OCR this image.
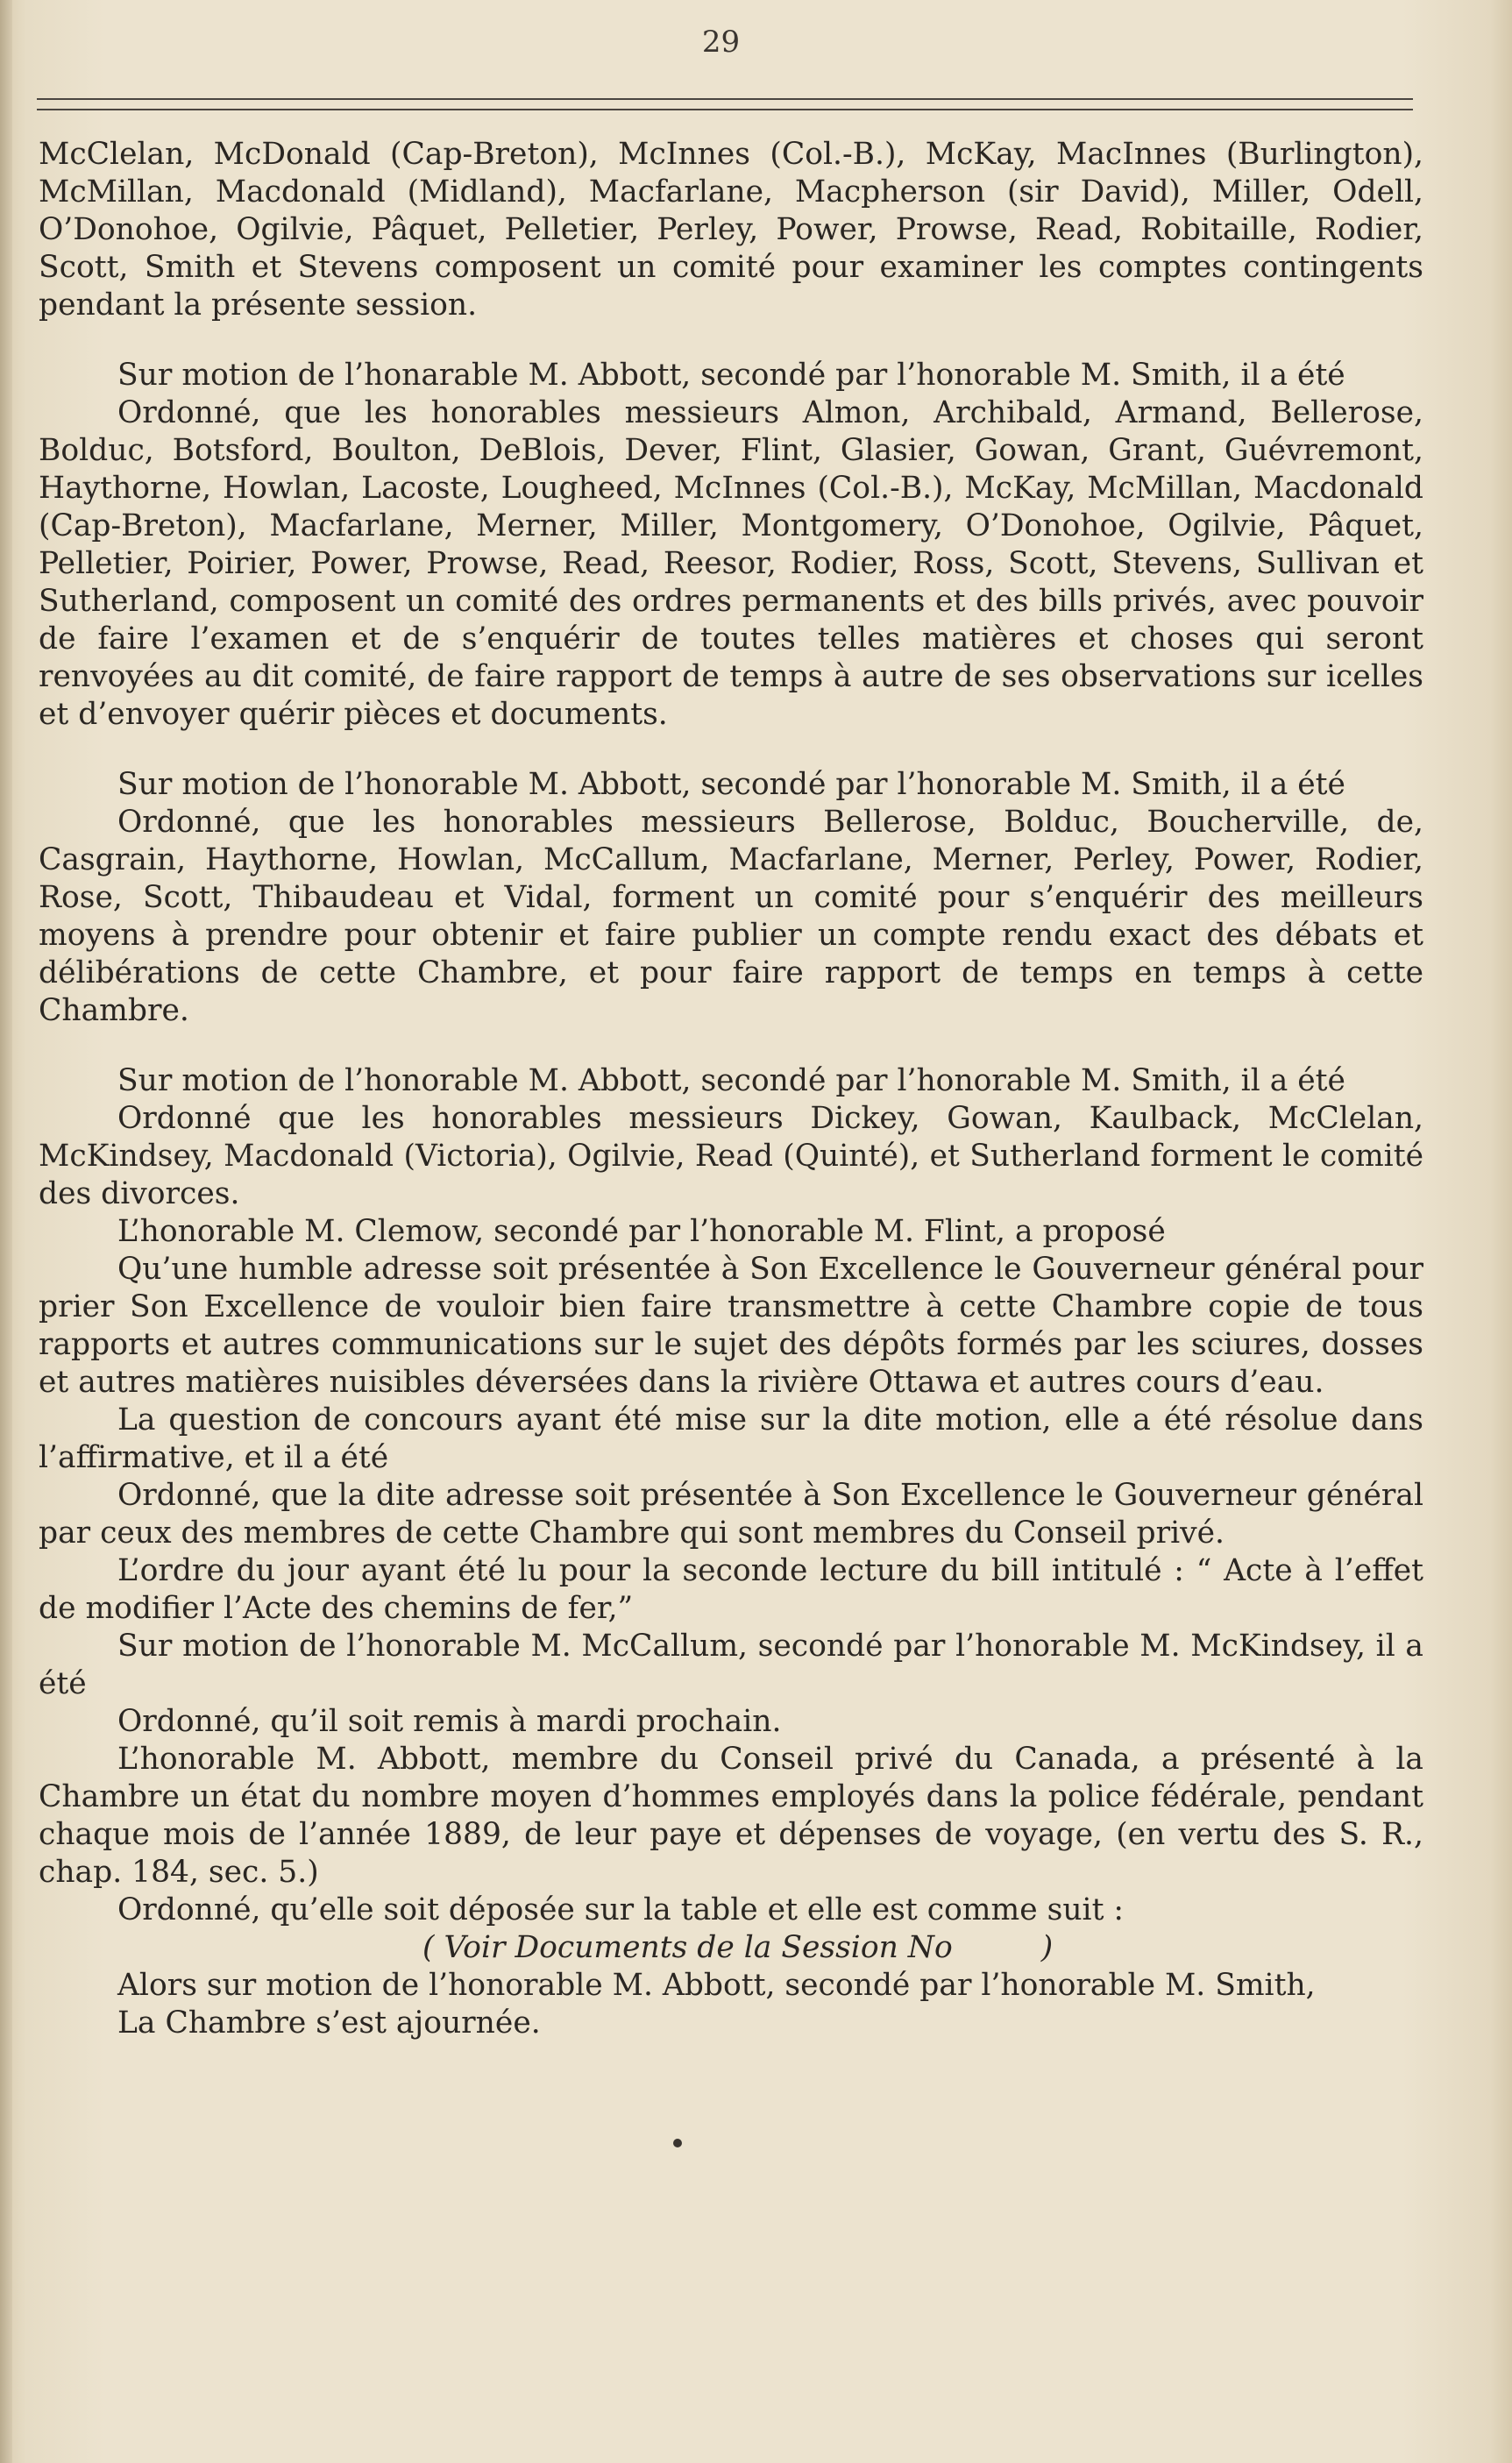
29

McClelan, McDonald (Cap-Breton), McInnes (Col.-B.), McKay, MacInnes (Burlington), McMillan, Macdonald (Midland), Macfarlane, Macpherson (sir David), Miller, Odell, O’Donohoe, Ogilvie, Pâquet, Pelletier, Perley, Power, Prowse, Read, Robitaille, Rodier, Scott, Smith et Stevens composent un comité pour examiner les comptes contingents pendant la présente session.

Sur motion de l’honarable M. Abbott, secondé par l’honorable M. Smith, il a été

Ordonné, que les honorables messieurs Almon, Archibald, Armand, Bellerose, Bolduc, Botsford, Boulton, DeBlois, Dever, Flint, Glasier, Gowan, Grant, Guévremont, Haythorne, Howlan, Lacoste, Lougheed, McInnes (Col.-B.), McKay, McMillan, Macdonald (Cap-Breton), Macfarlane, Merner, Miller, Montgomery, O’Donohoe, Ogilvie, Pâquet, Pelletier, Poirier, Power, Prowse, Read, Reesor, Rodier, Ross, Scott, Stevens, Sullivan et Sutherland, composent un comité des ordres permanents et des bills privés, avec pouvoir de faire l’examen et de s’enquérir de toutes telles matières et choses qui seront renvoyées au dit comité, de faire rapport de temps à autre de ses observations sur icelles et d’envoyer quérir pièces et documents.

Sur motion de l’honorable M. Abbott, secondé par l’honorable M. Smith, il a été

Ordonné, que les honorables messieurs Bellerose, Bolduc, Boucherville, de, Casgrain, Haythorne, Howlan, McCallum, Macfarlane, Merner, Perley, Power, Rodier, Rose, Scott, Thibaudeau et Vidal, forment un comité pour s’enquérir des meilleurs moyens à prendre pour obtenir et faire publier un compte rendu exact des débats et délibérations de cette Chambre, et pour faire rapport de temps en temps à cette Chambre.

Sur motion de l’honorable M. Abbott, secondé par l’honorable M. Smith, il a été

Ordonné que les honorables messieurs Dickey, Gowan, Kaulback, McClelan, McKindsey, Macdonald (Victoria), Ogilvie, Read (Quinté), et Sutherland forment le comité des divorces.

L’honorable M. Clemow, secondé par l’honorable M. Flint, a proposé

Qu’une humble adresse soit présentée à Son Excellence le Gouverneur général pour prier Son Excellence de vouloir bien faire transmettre à cette Chambre copie de tous rapports et autres communications sur le sujet des dépôts formés par les sciures, dosses et autres matières nuisibles déversées dans la rivière Ottawa et autres cours d’eau.

La question de concours ayant été mise sur la dite motion, elle a été résolue dans l’affirmative, et il a été

Ordonné, que la dite adresse soit présentée à Son Excellence le Gouverneur général par ceux des membres de cette Chambre qui sont membres du Conseil privé.

L’ordre du jour ayant été lu pour la seconde lecture du bill intitulé : “ Acte à l’effet de modifier l’Acte des chemins de fer,”

Sur motion de l’honorable M. McCallum, secondé par l’honorable M. McKindsey, il a été

Ordonné, qu’il soit remis à mardi prochain.

L’honorable M. Abbott, membre du Conseil privé du Canada, a présenté à la Chambre un état du nombre moyen d’hommes employés dans la police fédérale, pendant chaque mois de l’année 1889, de leur paye et dépenses de voyage, (en vertu des S. R., chap. 184, sec. 5.)

Ordonné, qu’elle soit déposée sur la table et elle est comme suit :

( Voir Documents de la Session No	)

Alors sur motion de l’honorable M. Abbott, secondé par l’honorable M. Smith,

La Chambre s’est ajournée.
